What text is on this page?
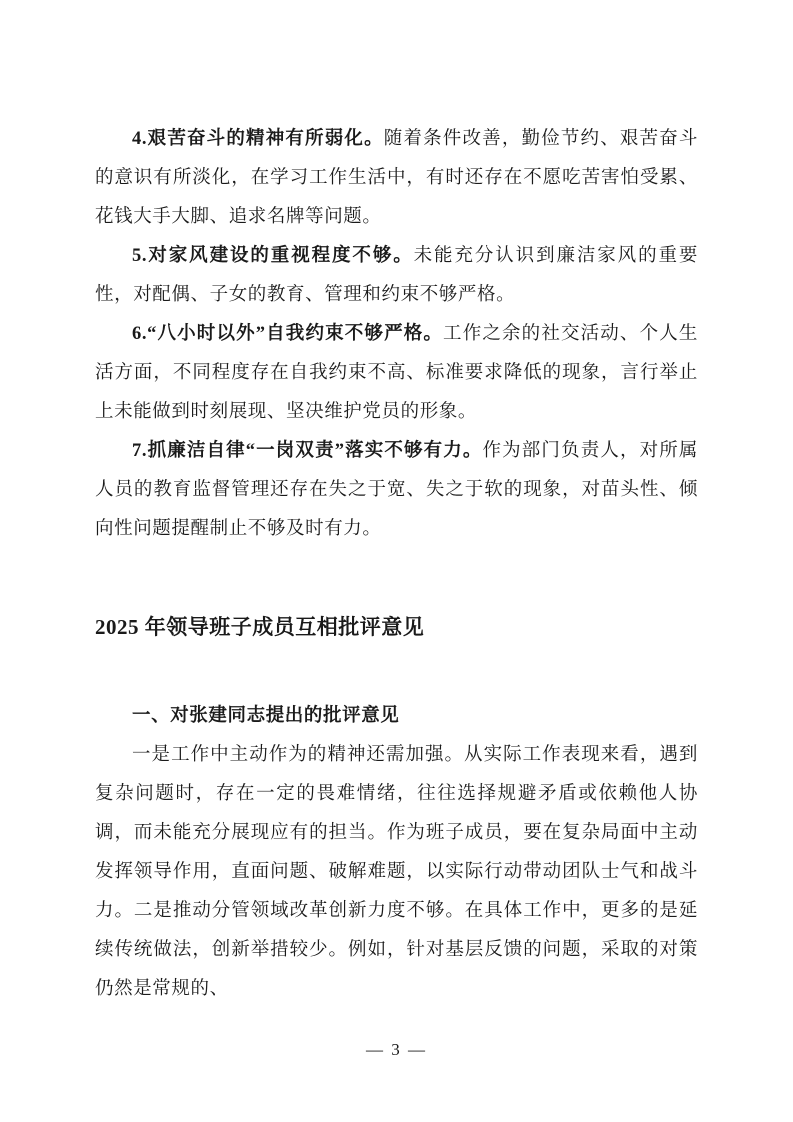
4.艰苦奋斗的精神有所弱化。随着条件改善，勤俭节约、艰苦奋斗的意识有所淡化，在学习工作生活中，有时还存在不愿吃苦害怕受累、花钱大手大脚、追求名牌等问题。

5.对家风建设的重视程度不够。未能充分认识到廉洁家风的重要性，对配偶、子女的教育、管理和约束不够严格。

6.“八小时以外”自我约束不够严格。工作之余的社交活动、个人生活方面，不同程度存在自我约束不高、标准要求降低的现象，言行举止上未能做到时刻展现、坚决维护党员的形象。

7.抓廉洁自律“一岗双责”落实不够有力。作为部门负责人，对所属人员的教育监督管理还存在失之于宽、失之于软的现象，对苗头性、倾向性问题提醒制止不够及时有力。

2025 年领导班子成员互相批评意见
一、对张建同志提出的批评意见

一是工作中主动作为的精神还需加强。从实际工作表现来看，遇到复杂问题时，存在一定的畏难情绪，往往选择规避矛盾或依赖他人协调，而未能充分展现应有的担当。作为班子成员，要在复杂局面中主动发挥领导作用，直面问题、破解难题，以实际行动带动团队士气和战斗力。二是推动分管领域改革创新力度不够。在具体工作中，更多的是延续传统做法，创新举措较少。例如，针对基层反馈的问题，采取的对策仍然是常规的、

— 3 —
